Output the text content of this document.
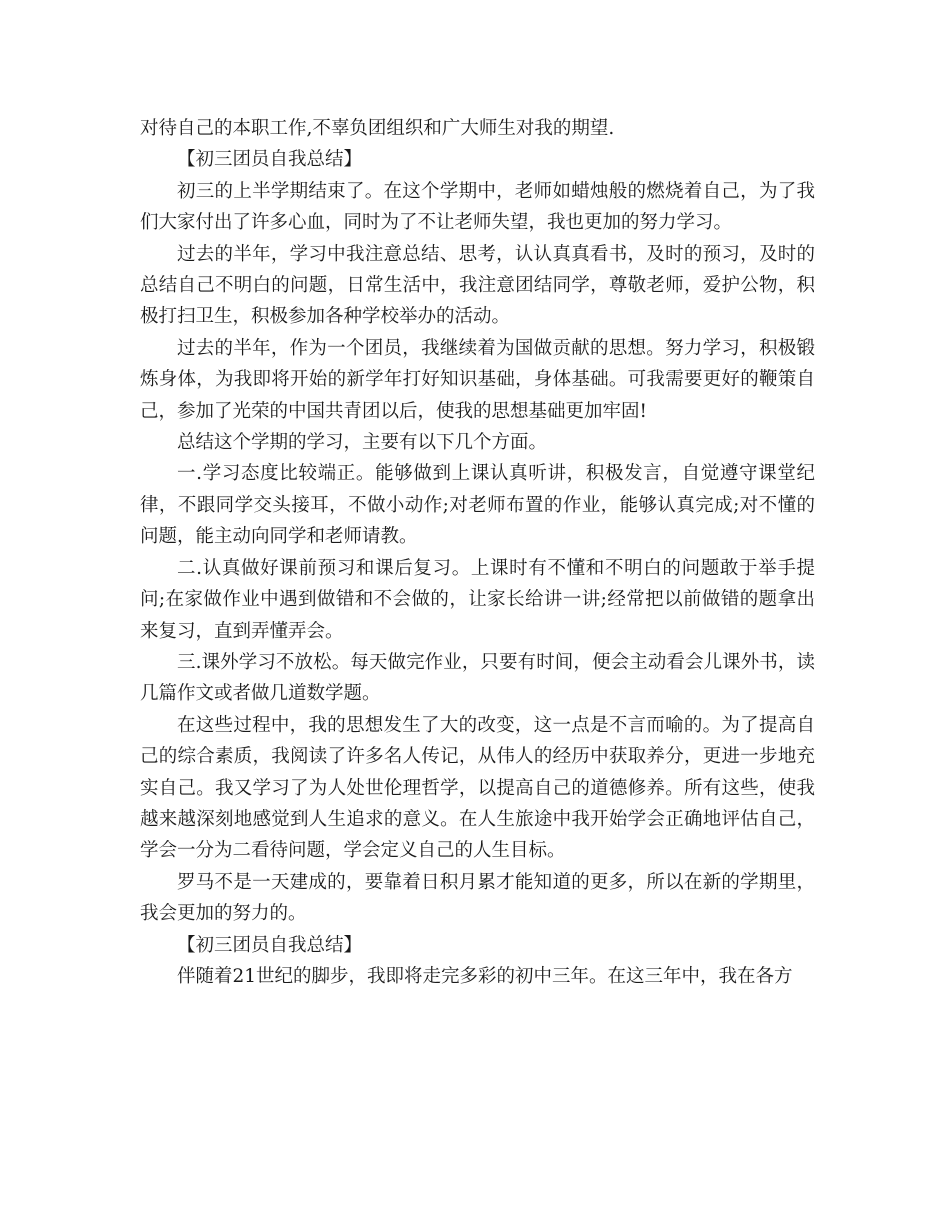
对待自己的本职工作,不辜负团组织和广大师生对我的期望.

【初三团员自我总结】

初三的上半学期结束了。在这个学期中，老师如蜡烛般的燃烧着自己，为了我们大家付出了许多心血，同时为了不让老师失望，我也更加的努力学习。

过去的半年，学习中我注意总结、思考，认认真真看书，及时的预习，及时的总结自己不明白的问题，日常生活中，我注意团结同学，尊敬老师，爱护公物，积极打扫卫生，积极参加各种学校举办的活动。

过去的半年，作为一个团员，我继续着为国做贡献的思想。努力学习，积极锻炼身体，为我即将开始的新学年打好知识基础，身体基础。可我需要更好的鞭策自己，参加了光荣的中国共青团以后，使我的思想基础更加牢固!

总结这个学期的学习，主要有以下几个方面。

一.学习态度比较端正。能够做到上课认真听讲，积极发言，自觉遵守课堂纪律，不跟同学交头接耳，不做小动作;对老师布置的作业，能够认真完成;对不懂的问题，能主动向同学和老师请教。

二.认真做好课前预习和课后复习。上课时有不懂和不明白的问题敢于举手提问;在家做作业中遇到做错和不会做的，让家长给讲一讲;经常把以前做错的题拿出来复习，直到弄懂弄会。

三.课外学习不放松。每天做完作业，只要有时间，便会主动看会儿课外书，读几篇作文或者做几道数学题。

在这些过程中，我的思想发生了大的改变，这一点是不言而喻的。为了提高自己的综合素质，我阅读了许多名人传记，从伟人的经历中获取养分，更进一步地充实自己。我又学习了为人处世伦理哲学，以提高自己的道德修养。所有这些，使我越来越深刻地感觉到人生追求的意义。在人生旅途中我开始学会正确地评估自己，学会一分为二看待问题，学会定义自己的人生目标。

罗马不是一天建成的，要靠着日积月累才能知道的更多，所以在新的学期里，我会更加的努力的。

【初三团员自我总结】

伴随着21世纪的脚步，我即将走完多彩的初中三年。在这三年中，我在各方
